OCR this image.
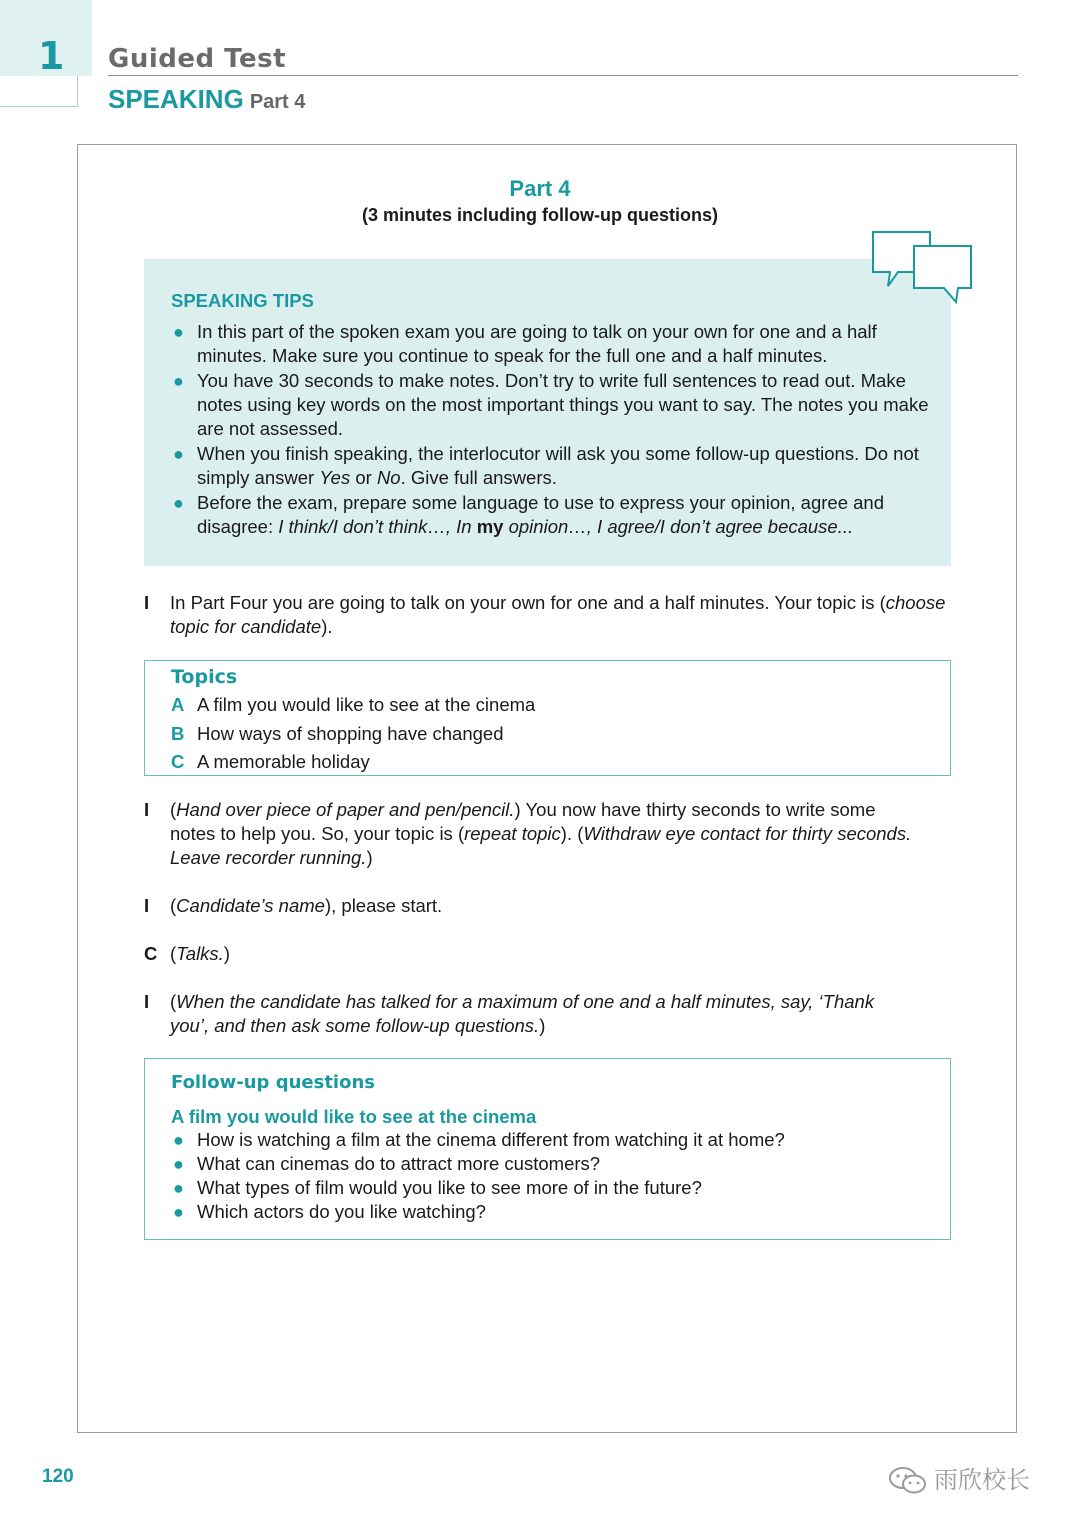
1 Guided Test
SPEAKING Part 4
Part 4
(3 minutes including follow-up questions)
SPEAKING TIPS
● In this part of the spoken exam you are going to talk on your own for one and a half minutes. Make sure you continue to speak for the full one and a half minutes.
● You have 30 seconds to make notes. Don’t try to write full sentences to read out. Make notes using key words on the most important things you want to say. The notes you make are not assessed.
● When you finish speaking, the interlocutor will ask you some follow-up questions. Do not simply answer Yes or No. Give full answers.
● Before the exam, prepare some language to use to express your opinion, agree and disagree: I think/I don’t think…, In my opinion…, I agree/I don’t agree because...
I In Part Four you are going to talk on your own for one and a half minutes. Your topic is (choose topic for candidate).
Topics
A A film you would like to see at the cinema
B How ways of shopping have changed
C A memorable holiday
I (Hand over piece of paper and pen/pencil.) You now have thirty seconds to write some notes to help you. So, your topic is (repeat topic). (Withdraw eye contact for thirty seconds. Leave recorder running.)
I (Candidate’s name), please start.
C (Talks.)
I (When the candidate has talked for a maximum of one and a half minutes, say, ‘Thank you’, and then ask some follow-up questions.)
Follow-up questions
A film you would like to see at the cinema
● How is watching a film at the cinema different from watching it at home?
● What can cinemas do to attract more customers?
● What types of film would you like to see more of in the future?
● Which actors do you like watching?
120	雨欣校长
